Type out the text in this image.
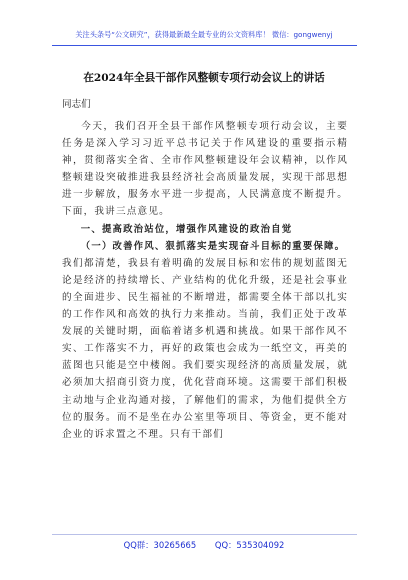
关注头条号“公文研究”，获得最新最全最专业的公文资料库！ 微信：gongwenyj
在2024年全县干部作风整顿专项行动会议上的讲话
同志们

今天，我们召开全县干部作风整顿专项行动会议，主要任务是深入学习习近平总书记关于作风建设的重要指示精神，贯彻落实全省、全市作风整顿建设年会议精神，以作风整顿建设突破推进我县经济社会高质量发展，实现干部思想进一步解放，服务水平进一步提高，人民满意度不断提升。下面，我讲三点意见。

一、提高政治站位，增强作风建设的政治自觉

（一）改善作风、狠抓落实是实现奋斗目标的重要保障。

我们都清楚，我县有着明确的发展目标和宏伟的规划蓝图无论是经济的持续增长、产业结构的优化升级，还是社会事业的全面进步、民生福祉的不断增进，都需要全体干部以扎实的工作作风和高效的执行力来推动。当前，我们正处于改革发展的关键时期，面临着诸多机遇和挑战。如果干部作风不实、工作落实不力，再好的政策也会成为一纸空文，再美的蓝图也只能是空中楼阁。我们要实现经济的高质量发展，就必须加大招商引资力度，优化营商环境。这需要干部们积极主动地与企业沟通对接，了解他们的需求，为他们提供全方位的服务。而不是坐在办公室里等项目、等资金，更不能对企业的诉求置之不理。只有干部们

QQ群：30265665 QQ：535304092
